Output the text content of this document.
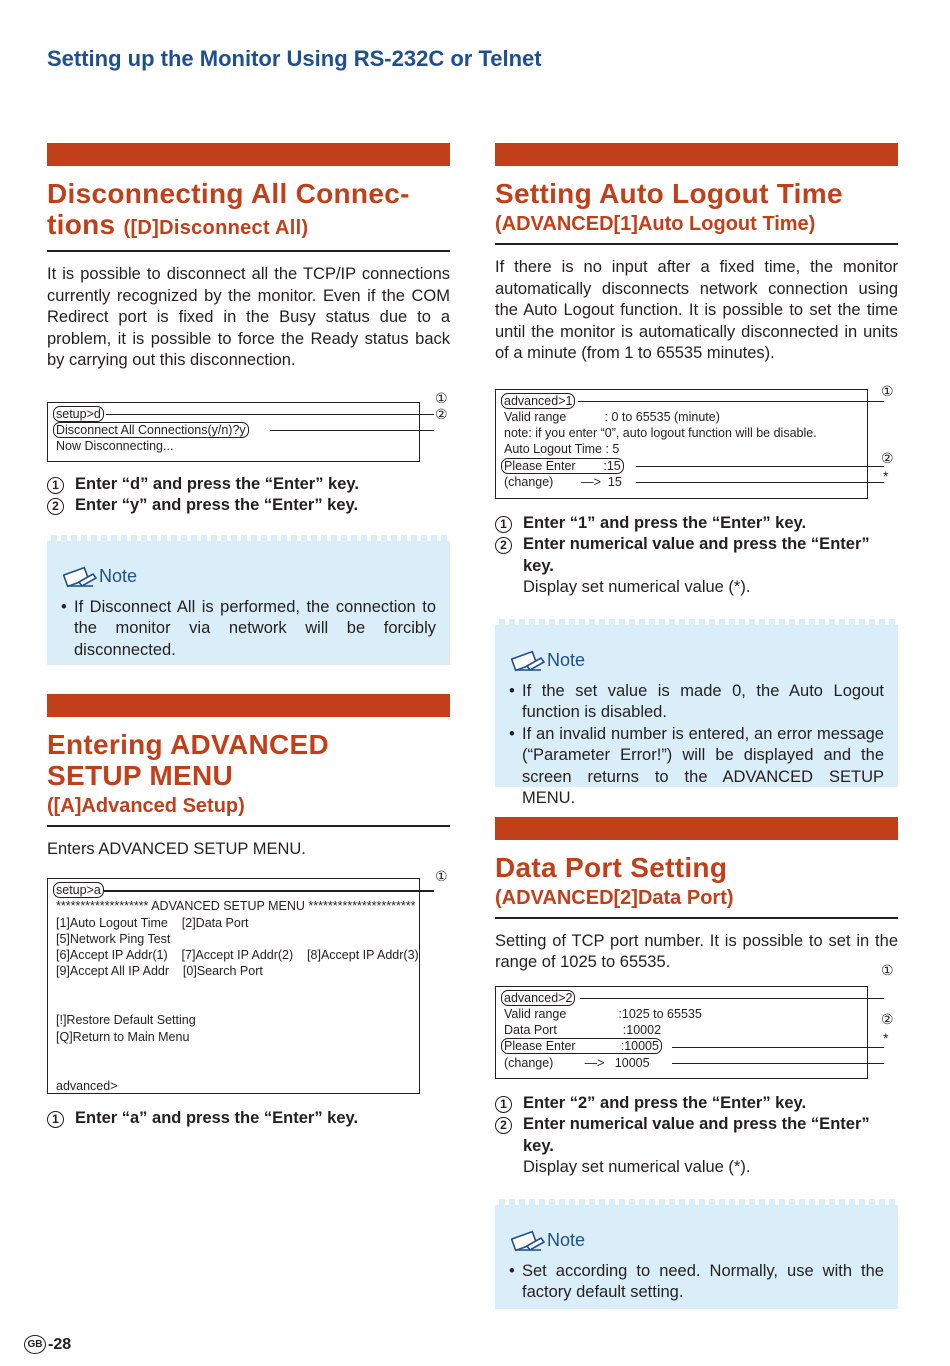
Setting up the Monitor Using RS-232C or Telnet
Disconnecting All Connec-
tions ([D]Disconnect All)
It is possible to disconnect all the TCP/IP connections currently recognized by the monitor. Even if the COM Redirect port is fixed in the Busy status due to a problem, it is possible to force the Ready status back by carrying out this disconnection.
setup>d
Disconnect All Connections(y/n)?y
Now Disconnecting...
①
②
1 Enter “d” and press the “Enter” key.
2 Enter “y” and press the “Enter” key.
Note
• If Disconnect All is performed, the connection to the monitor via network will be forcibly disconnected.
Entering ADVANCED
SETUP MENU
([A]Advanced Setup)
Enters ADVANCED SETUP MENU.
setup>a
******************* ADVANCED SETUP MENU **********************
[1]Auto Logout Time    [2]Data Port
[5]Network Ping Test
[6]Accept IP Addr(1)    [7]Accept IP Addr(2)    [8]Accept IP Addr(3)
[9]Accept All IP Addr    [0]Search Port
[!]Restore Default Setting
[Q]Return to Main Menu
advanced>
1 Enter “a” and press the “Enter” key.
①
Setting Auto Logout Time
(ADVANCED[1]Auto Logout Time)
If there is no input after a fixed time, the monitor automatically disconnects network connection using the Auto Logout function. It is possible to set the time until the monitor is automatically disconnected in units of a minute (from 1 to 65535 minutes).
advanced>1
Valid range           : 0 to 65535 (minute)
note: if you enter “0”, auto logout function will be disable.
Auto Logout Time : 5
Please Enter        :15
(change)        —>  15
①
②
*
1 Enter “1” and press the “Enter” key.
2 Enter numerical value and press the “Enter” key.
Display set numerical value (*).
Note
• If the set value is made 0, the Auto Logout function is disabled.
• If an invalid number is entered, an error message (“Parameter Error!”) will be displayed and the screen returns to the ADVANCED SETUP MENU.
Data Port Setting
(ADVANCED[2]Data Port)
Setting of TCP port number. It is possible to set in the range of 1025 to 65535.
advanced>2
Valid range               :1025 to 65535
Data Port                   :10002
Please Enter             :10005
(change)         —>   10005
1 Enter “2” and press the “Enter” key.
2 Enter numerical value and press the “Enter” key.
Display set numerical value (*).
Note
• Set according to need. Normally, use with the factory default setting.
①
②
*
GB -28
